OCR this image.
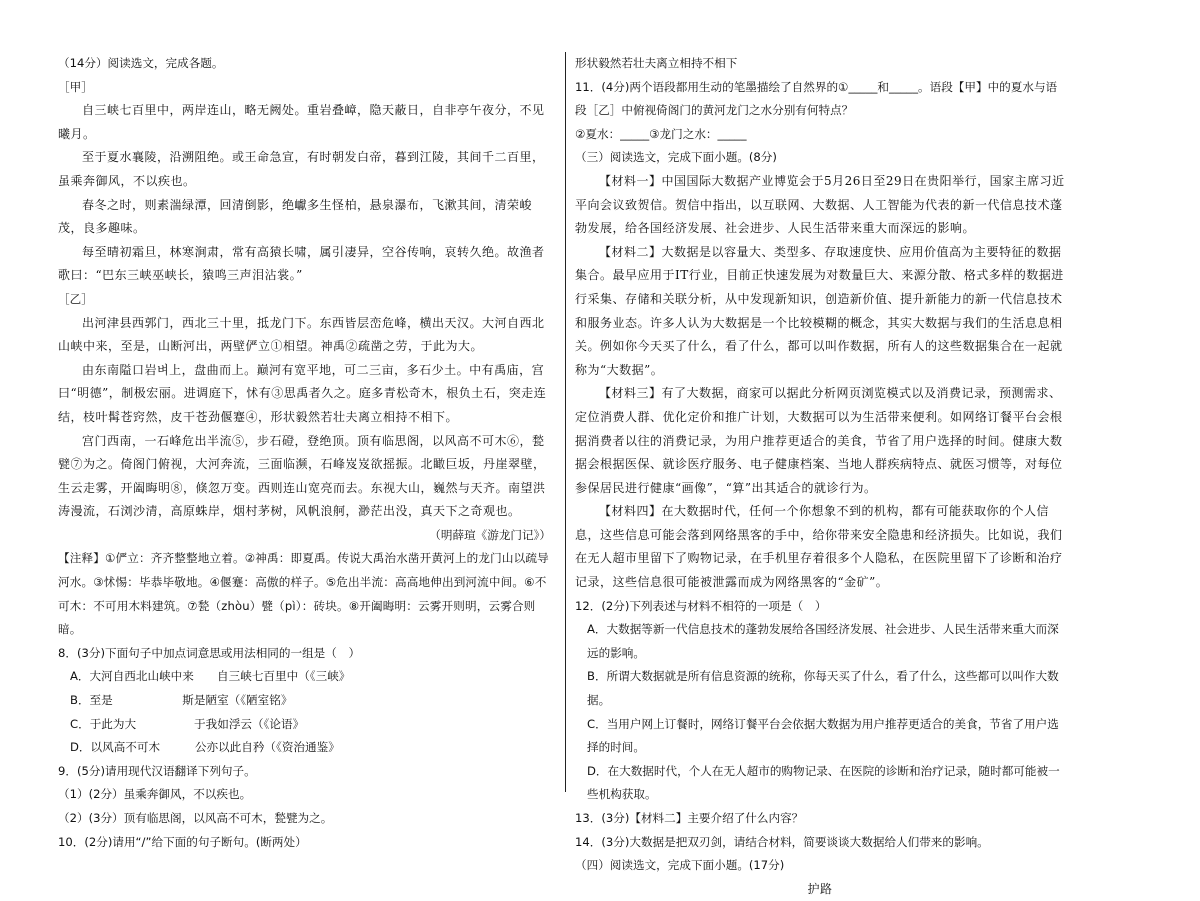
（14分）阅读选文，完成各题。

［甲］

自三峡七百里中，两岸连山，略无阙处。重岩叠嶂，隐天蔽日，自非亭午夜分，不见曦月。

至于夏水襄陵，沿溯阻绝。或王命急宣，有时朝发白帝，暮到江陵，其间千二百里，虽乘奔御风，不以疾也。

春冬之时，则素湍绿潭，回清倒影，绝巘多生怪柏，悬泉瀑布，飞漱其间，清荣峻茂，良多趣味。

每至晴初霜旦，林寒涧肃，常有高猿长啸，属引凄异，空谷传响，哀转久绝。故渔者歌曰：“巴东三峡巫峡长，猿鸣三声泪沾裳。”

［乙］

出河津县西郭门，西北三十里，抵龙门下。东西皆层峦危峰，横出天汉。大河自西北山峡中来，至是，山断河出，两壁俨立①相望。神禹②疏凿之劳，于此为大。

由东南隘口岩벼上，盘曲而上。巅河有宽平地，可二三亩，多石少土。中有禹庙，宫曰“明德”，制极宏丽。进调庭下，怵有③思禹者久之。庭多青松奇木，根负土石，突走连结，枝叶髯苍窍然，皮干苍劲偃蹇④，形状毅然若壮夫离立相持不相下。

宫门西南，一石峰危出半流⑤，步石磴，登绝顶。顶有临思阁，以风高不可木⑥，甃甓⑦为之。倚阁门俯视，大河奔流，三面临濒，石峰岌岌欲摇振。北瞰巨坂，丹崖翠壁，生云走雾，开阖晦明⑧，倏忽万变。西则连山宽亮而去。东视大山，巍然与天齐。南望洪涛漫流，石浏沙清，高原蛛岸，烟村茅树，风帆浪舸，渺茫出没，真天下之奇观也。

（明薛瑄《游龙门记》）

【注释】①俨立：齐齐整整地立着。②神禹：即夏禹。传说大禹治水凿开黄河上的龙门山以疏导河水。③怵惕：毕恭毕敬地。④偃蹇：高傲的样子。⑤危出半流：高高地伸出到河流中间。⑥不可木：不可用木料建筑。⑦甃（zhòu）甓（pì）：砖块。⑧开阖晦明：云雾开则明，云雾合则暗。

8．(3分)下面句子中加点词意思或用法相同的一组是（　）

A．大河自西北山峡中来　　自三峡七百里中（《三峡》

B．至是　　　　　　斯是陋室（《陋室铭》

C．于此为大　　　　　于我如浮云（《论语》

D．以风高不可木　　　公亦以此自矜（《资治通鉴》

9．(5分)请用现代汉语翻译下列句子。

（1）(2分）虽乘奔御风，不以疾也。

（2）(3分）顶有临思阁，以风高不可木，甃甓为之。

10．(2分)请用“/”给下面的句子断句。(断两处）

形状毅然若壮夫离立相持不相下

11．(4分)两个语段都用生动的笔墨描绘了自然界的①_____和_____。语段【甲】中的夏水与语段［乙］中俯视倚阁门的黄河龙门之水分别有何特点？

②夏水：_____③龙门之水：_____

（三）阅读选文，完成下面小题。(8分)

【材料一】中国国际大数据产业博览会于5月26日至29日在贵阳举行，国家主席习近平向会议致贺信。贺信中指出，以互联网、大数据、人工智能为代表的新一代信息技术蓬勃发展，给各国经济发展、社会进步、人民生活带来重大而深远的影响。

【材料二】大数据是以容量大、类型多、存取速度快、应用价值高为主要特征的数据集合。最早应用于IT行业，目前正快速发展为对数量巨大、来源分散、格式多样的数据进行采集、存储和关联分析，从中发现新知识，创造新价值、提升新能力的新一代信息技术和服务业态。许多人认为大数据是一个比较模糊的概念，其实大数据与我们的生活息息相关。例如你今天买了什么，看了什么，都可以叫作数据，所有人的这些数据集合在一起就称为“大数据”。

【材料三】有了大数据，商家可以据此分析网页浏览模式以及消费记录，预测需求、定位消费人群、优化定价和推广计划，大数据可以为生活带来便利。如网络订餐平台会根据消费者以往的消费记录，为用户推荐更适合的美食，节省了用户选择的时间。健康大数据会根据医保、就诊医疗服务、电子健康档案、当地人群疾病特点、就医习惯等，对每位参保居民进行健康“画像”，“算”出其适合的就诊行为。

【材料四】在大数据时代，任何一个你想象不到的机构，都有可能获取你的个人信息，这些信息可能会落到网络黑客的手中，给你带来安全隐患和经济损失。比如说，我们在无人超市里留下了购物记录，在手机里存着很多个人隐私，在医院里留下了诊断和治疗记录，这些信息很可能被泄露而成为网络黑客的“金矿”。

12．(2分)下列表述与材料不相符的一项是（　）

A．大数据等新一代信息技术的蓬勃发展给各国经济发展、社会进步、人民生活带来重大而深远的影响。

B．所谓大数据就是所有信息资源的统称，你每天买了什么，看了什么，这些都可以叫作大数据。

C．当用户网上订餐时，网络订餐平台会依据大数据为用户推荐更适合的美食，节省了用户选择的时间。

D．在大数据时代，个人在无人超市的购物记录、在医院的诊断和治疗记录，随时都可能被一些机构获取。

13．(3分)【材料二】主要介绍了什么内容？

14．(3分)大数据是把双刃剑，请结合材料，简要谈谈大数据给人们带来的影响。

（四）阅读选文，完成下面小题。(17分)

护路
